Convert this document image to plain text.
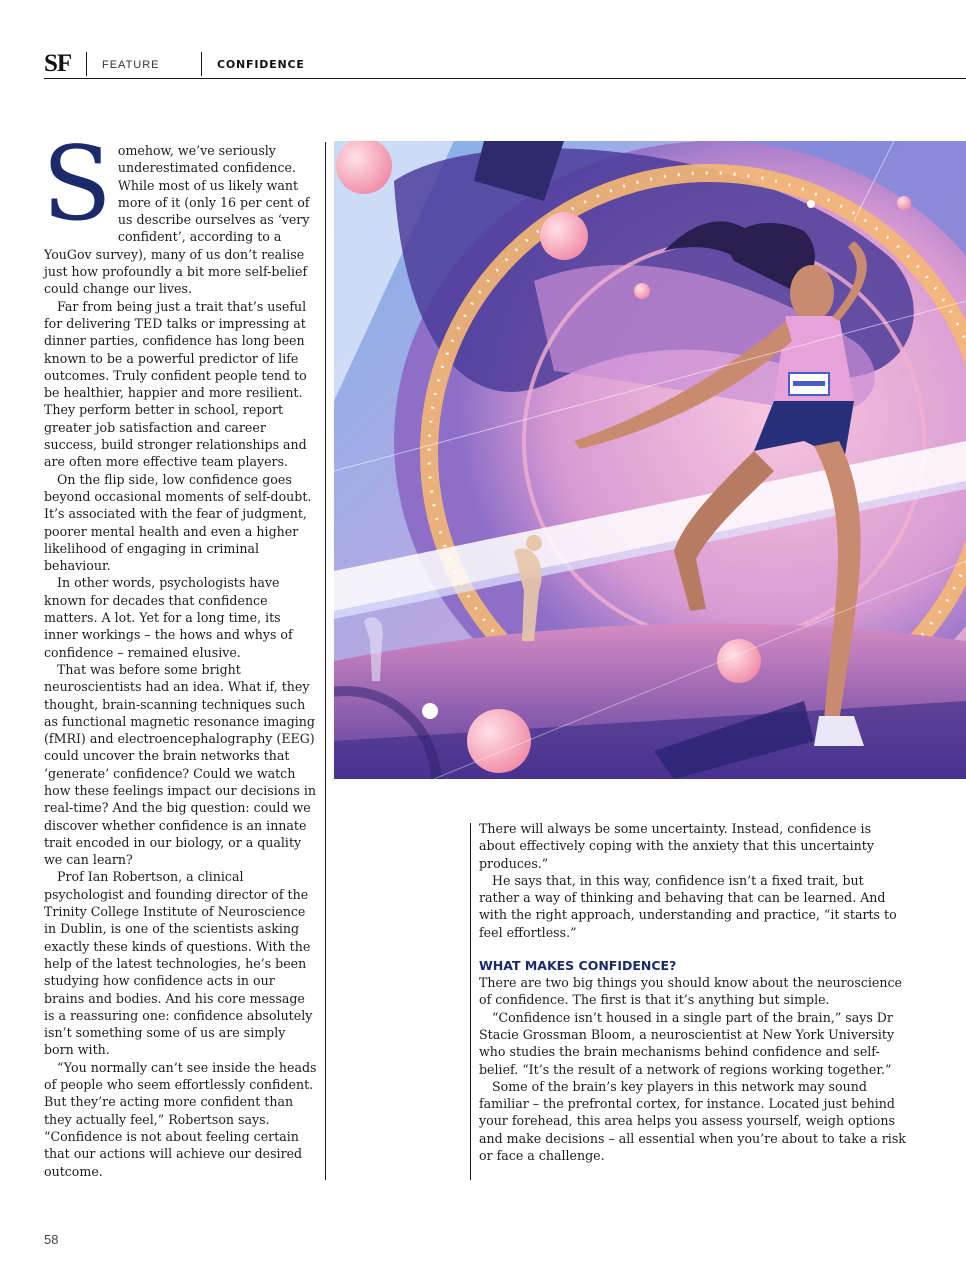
SF	FEATURE	CONFIDENCE
S omehow, we’ve seriously underestimated confidence. While most of us likely want more of it (only 16 per cent of us describe ourselves as ‘very confident’, according to a YouGov survey), many of us don’t realise just how profoundly a bit more self-belief could change our lives.

Far from being just a trait that’s useful for delivering TED talks or impressing at dinner parties, confidence has long been known to be a powerful predictor of life outcomes. Truly confident people tend to be healthier, happier and more resilient. They perform better in school, report greater job satisfaction and career success, build stronger relationships and are often more effective team players.

On the flip side, low confidence goes beyond occasional moments of self-doubt. It’s associated with the fear of judgment, poorer mental health and even a higher likelihood of engaging in criminal behaviour.

In other words, psychologists have known for decades that confidence matters. A lot. Yet for a long time, its inner workings – the hows and whys of confidence – remained elusive.

That was before some bright neuroscientists had an idea. What if, they thought, brain-scanning techniques such as functional magnetic resonance imaging (fMRI) and electroencephalography (EEG) could uncover the brain networks that ‘generate’ confidence? Could we watch how these feelings impact our decisions in real-time? And the big question: could we discover whether confidence is an innate trait encoded in our biology, or a quality we can learn?

Prof Ian Robertson, a clinical psychologist and founding director of the Trinity College Institute of Neuroscience in Dublin, is one of the scientists asking exactly these kinds of questions. With the help of the latest technologies, he’s been studying how confidence acts in our brains and bodies. And his core message is a reassuring one: confidence absolutely isn’t something some of us are simply born with.

“You normally can’t see inside the heads of people who seem effortlessly confident. But they’re acting more confident than they actually feel,” Robertson says. “Confidence is not about feeling certain that our actions will achieve our desired outcome.

There will always be some uncertainty. Instead, confidence is about effectively coping with the anxiety that this uncertainty produces.”

He says that, in this way, confidence isn’t a fixed trait, but rather a way of thinking and behaving that can be learned. And with the right approach, understanding and practice, “it starts to feel effortless.”

WHAT MAKES CONFIDENCE?

There are two big things you should know about the neuroscience of confidence. The first is that it’s anything but simple.

“Confidence isn’t housed in a single part of the brain,” says Dr Stacie Grossman Bloom, a neuroscientist at New York University who studies the brain mechanisms behind confidence and self-belief. “It’s the result of a network of regions working together.”

Some of the brain’s key players in this network may sound familiar – the prefrontal cortex, for instance. Located just behind your forehead, this area helps you assess yourself, weigh options and make decisions – all essential when you’re about to take a risk or face a challenge.

58
